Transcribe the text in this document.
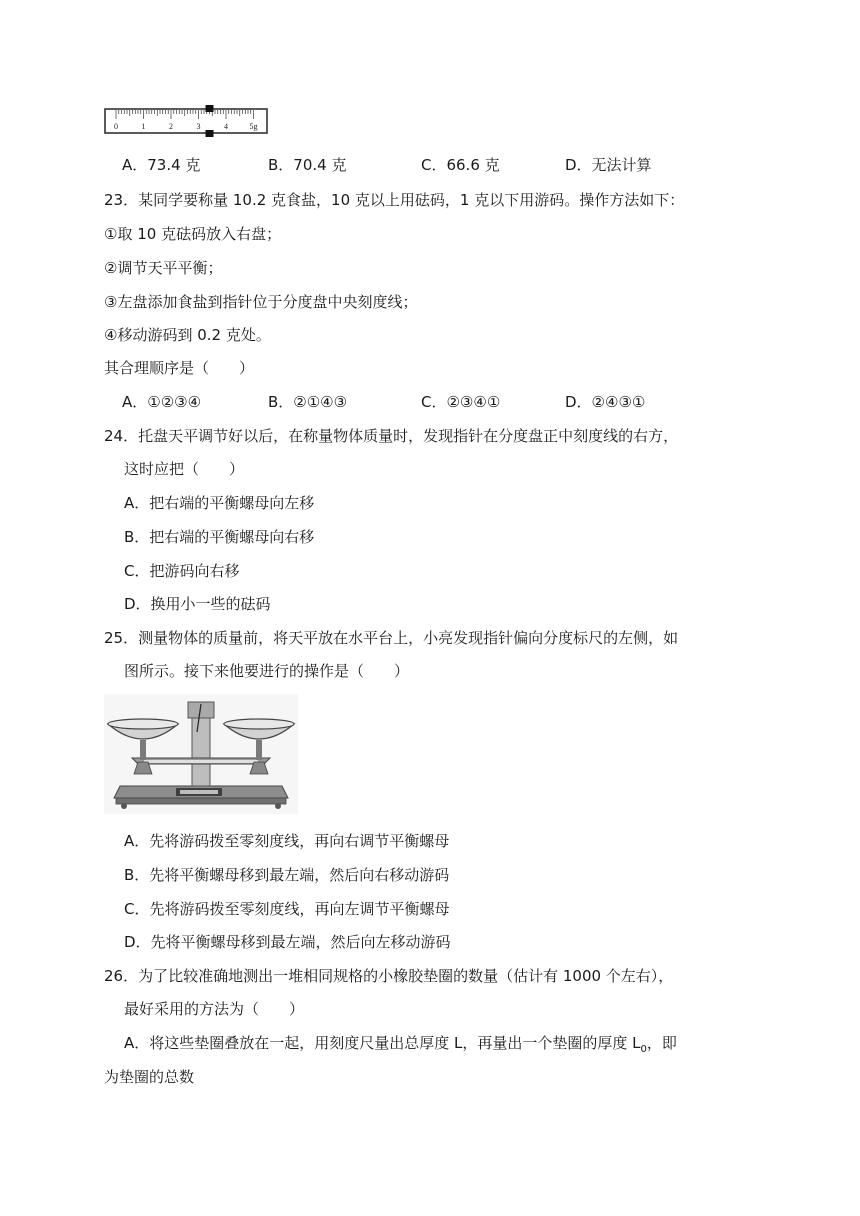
0	1	2	3	4	5g
A．73.4 克	B．70.4 克	C．66.6 克	D．无法计算
23．某同学要称量 10.2 克食盐，10 克以上用砝码，1 克以下用游码。操作方法如下：
①取 10 克砝码放入右盘；
②调节天平平衡；
③左盘添加食盐到指针位于分度盘中央刻度线；
④移动游码到 0.2 克处。
其合理顺序是（　　）
A．①②③④	B．②①④③	C．②③④①	D．②④③①
24．托盘天平调节好以后，在称量物体质量时，发现指针在分度盘正中刻度线的右方，
这时应把（　　）
A．把右端的平衡螺母向左移
B．把右端的平衡螺母向右移
C．把游码向右移
D．换用小一些的砝码
25．测量物体的质量前，将天平放在水平台上，小亮发现指针偏向分度标尺的左侧，如
图所示。接下来他要进行的操作是（　　）
A．先将游码拨至零刻度线，再向右调节平衡螺母
B．先将平衡螺母移到最左端，然后向右移动游码
C．先将游码拨至零刻度线，再向左调节平衡螺母
D．先将平衡螺母移到最左端，然后向左移动游码
26．为了比较准确地测出一堆相同规格的小橡胶垫圈的数量（估计有 1000 个左右），
最好采用的方法为（　　）
A．将这些垫圈叠放在一起，用刻度尺量出总厚度 L，再量出一个垫圈的厚度 $L_0$，即
为垫圈的总数
